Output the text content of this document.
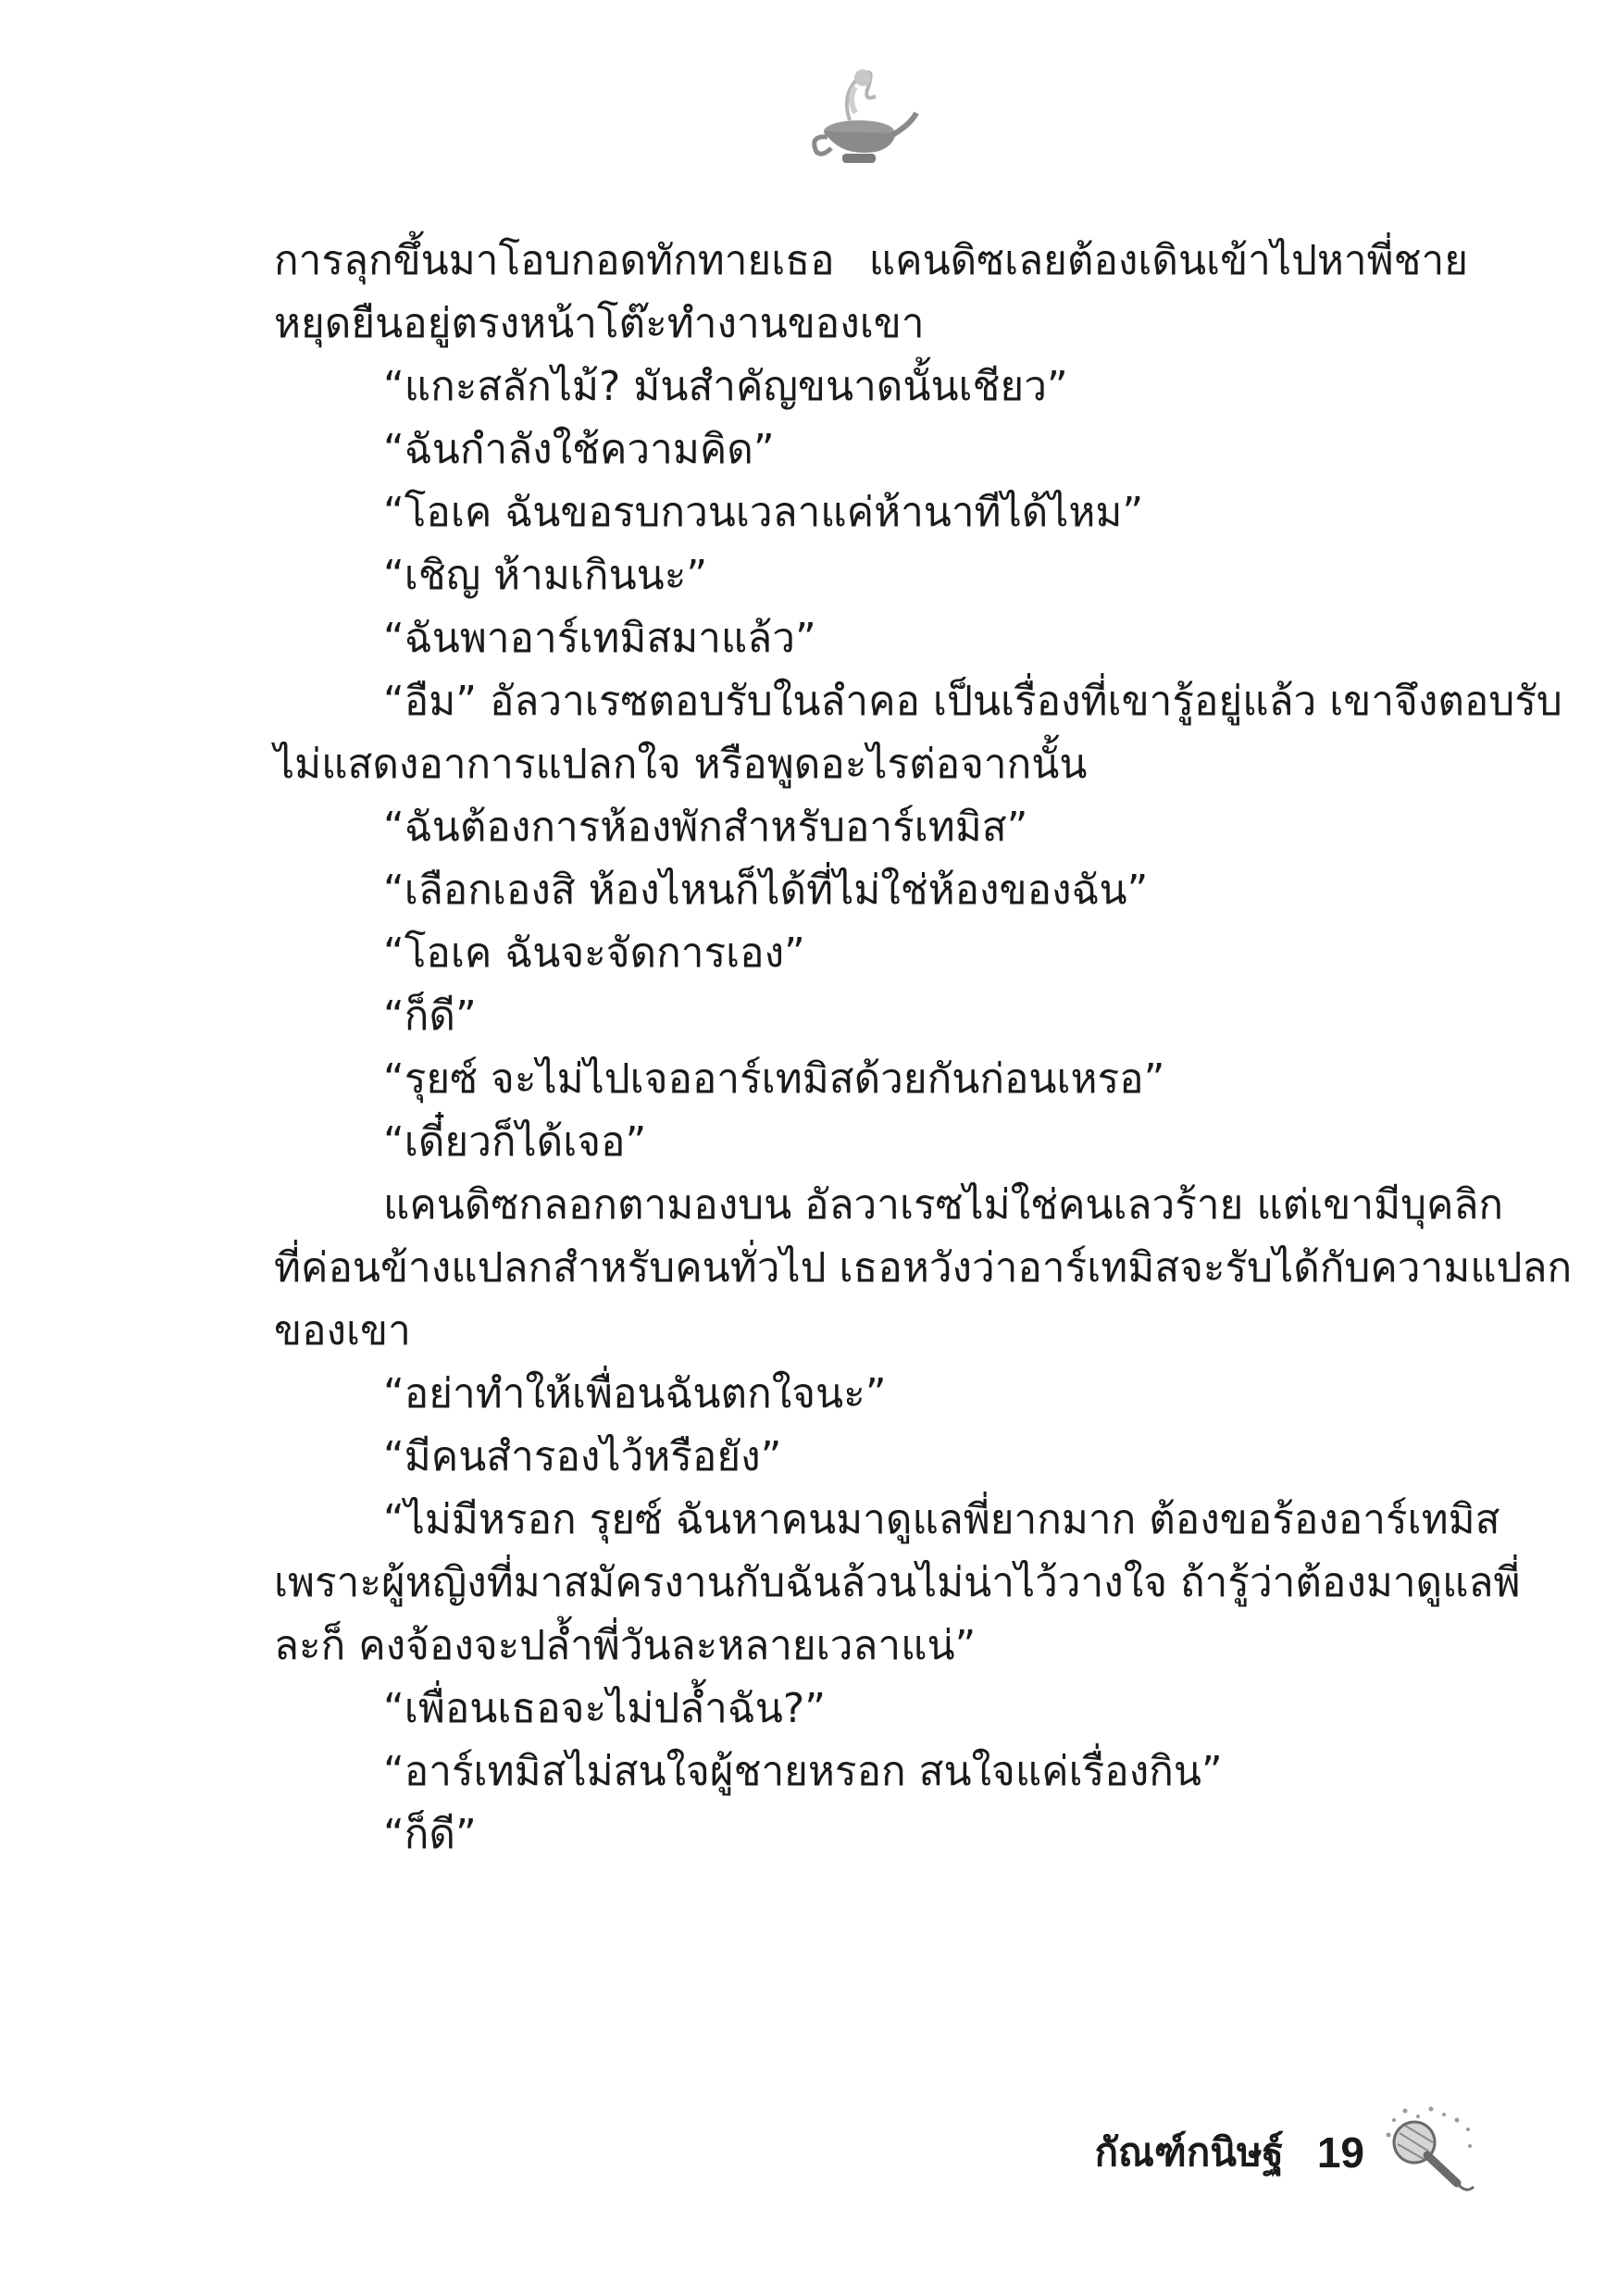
การลุกขึ้นมาโอบกอดทักทายเธอ แคนดิซเลยต้องเดินเข้าไปหาพี่ชาย
หยุดยืนอยู่ตรงหน้าโต๊ะทำงานของเขา
“แกะสลักไม้? มันสำคัญขนาดนั้นเชียว”
“ฉันกำลังใช้ความคิด”
“โอเค ฉันขอรบกวนเวลาแค่ห้านาทีได้ไหม”
“เชิญ ห้ามเกินนะ”
“ฉันพาอาร์เทมิสมาแล้ว”
“อืม” อัลวาเรซตอบรับในลำคอ เป็นเรื่องที่เขารู้อยู่แล้ว เขาจึงตอบรับ
ไม่แสดงอาการแปลกใจ หรือพูดอะไรต่อจากนั้น
“ฉันต้องการห้องพักสำหรับอาร์เทมิส”
“เลือกเองสิ ห้องไหนก็ได้ที่ไม่ใช่ห้องของฉัน”
“โอเค ฉันจะจัดการเอง”
“ก็ดี”
“รุยซ์ จะไม่ไปเจออาร์เทมิสด้วยกันก่อนเหรอ”
“เดี๋ยวก็ได้เจอ”
แคนดิซกลอกตามองบน อัลวาเรซไม่ใช่คนเลวร้าย แต่เขามีบุคลิก
ที่ค่อนข้างแปลกสำหรับคนทั่วไป เธอหวังว่าอาร์เทมิสจะรับได้กับความแปลก
ของเขา
“อย่าทำให้เพื่อนฉันตกใจนะ”
“มีคนสำรองไว้หรือยัง”
“ไม่มีหรอก รุยซ์ ฉันหาคนมาดูแลพี่ยากมาก ต้องขอร้องอาร์เทมิส
เพราะผู้หญิงที่มาสมัครงานกับฉันล้วนไม่น่าไว้วางใจ ถ้ารู้ว่าต้องมาดูแลพี่
ละก็ คงจ้องจะปล้ำพี่วันละหลายเวลาแน่”
“เพื่อนเธอจะไม่ปล้ำฉัน?”
“อาร์เทมิสไม่สนใจผู้ชายหรอก สนใจแค่เรื่องกิน”
“ก็ดี”
กัณฑ์กนิษฐ์ 19
